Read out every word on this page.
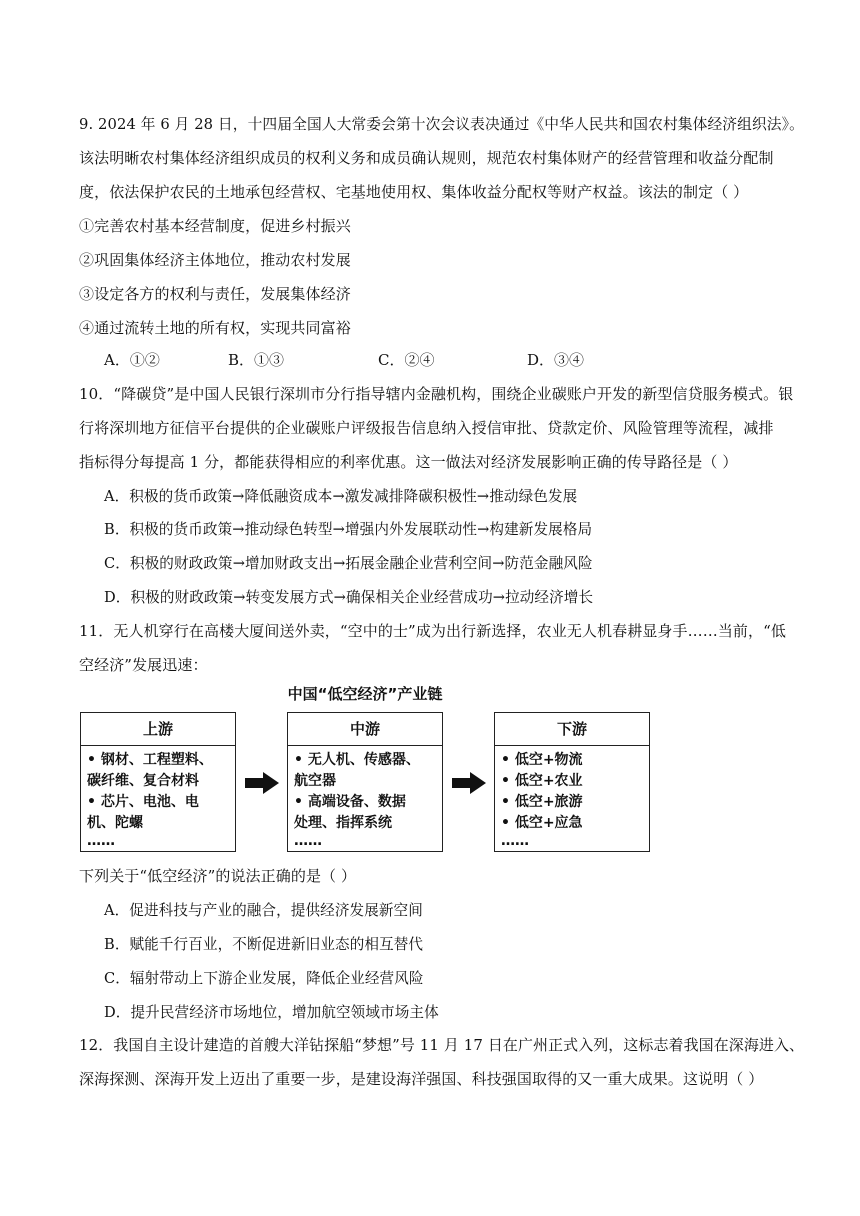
9. 2024 年 6 月 28 日，十四届全国人大常委会第十次会议表决通过《中华人民共和国农村集体经济组织法》。
该法明晰农村集体经济组织成员的权利义务和成员确认规则，规范农村集体财产的经营管理和收益分配制
度，依法保护农民的土地承包经营权、宅基地使用权、集体收益分配权等财产权益。该法的制定（ ）
①完善农村基本经营制度，促进乡村振兴
②巩固集体经济主体地位，推动农村发展
③设定各方的权利与责任，发展集体经济
④通过流转土地的所有权，实现共同富裕
A．①②	B．①③	C．②④	D．③④
10．“降碳贷”是中国人民银行深圳市分行指导辖内金融机构，围绕企业碳账户开发的新型信贷服务模式。银
行将深圳地方征信平台提供的企业碳账户评级报告信息纳入授信审批、贷款定价、风险管理等流程，减排
指标得分每提高 1 分，都能获得相应的利率优惠。这一做法对经济发展影响正确的传导路径是（ ）
A．积极的货币政策→降低融资成本→激发减排降碳积极性→推动绿色发展
B．积极的货币政策→推动绿色转型→增强内外发展联动性→构建新发展格局
C．积极的财政政策→增加财政支出→拓展金融企业营利空间→防范金融风险
D．积极的财政政策→转变发展方式→确保相关企业经营成功→拉动经济增长
11．无人机穿行在高楼大厦间送外卖，“空中的士”成为出行新选择，农业无人机春耕显身手……当前，“低
空经济”发展迅速：
中国“低空经济”产业链
上游
• 钢材、工程塑料、
碳纤维、复合材料
• 芯片、电池、电
机、陀螺
……
中游
• 无人机、传感器、
航空器
• 高端设备、数据
处理、指挥系统
……
下游
• 低空+物流
• 低空+农业
• 低空+旅游
• 低空+应急
……
下列关于“低空经济”的说法正确的是（ ）
A．促进科技与产业的融合，提供经济发展新空间
B．赋能千行百业，不断促进新旧业态的相互替代
C．辐射带动上下游企业发展，降低企业经营风险
D．提升民营经济市场地位，增加航空领域市场主体
12．我国自主设计建造的首艘大洋钻探船“梦想”号 11 月 17 日在广州正式入列，这标志着我国在深海进入、
深海探测、深海开发上迈出了重要一步，是建设海洋强国、科技强国取得的又一重大成果。这说明（ ）
